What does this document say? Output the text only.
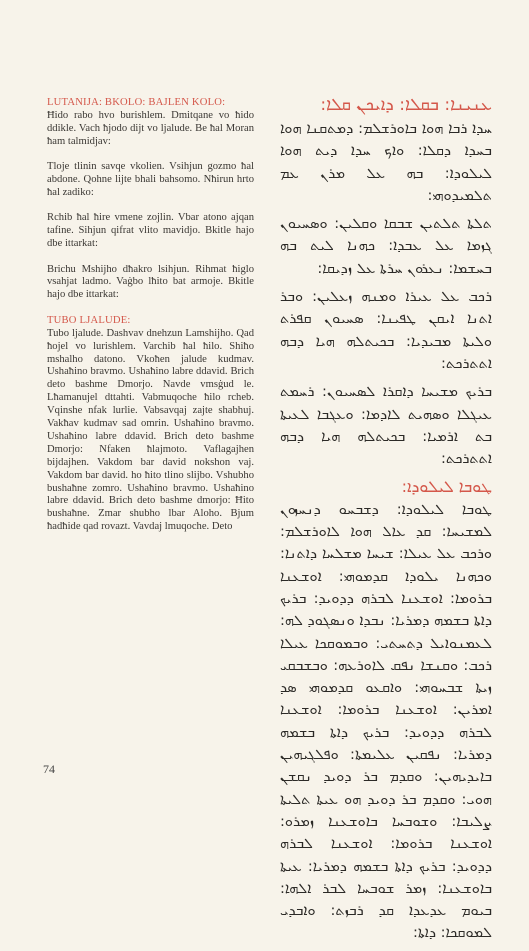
LUTANIJA: BKOLO: BAJLEN KOLO:

Ħido rabo hvo burishlem. Dmitqane vo ħido ddikle. Vach ħjodo dijt vo ljalude. Be ħal Moran ħam talmidjav:

Tloje tlinin savqe vkolien. Vsihjun gozmo ħal abdone. Qohne lijte bhali bahsomo. Nħirun hrto ħal zadiko:

Rchib ħal ħire vmene zojlin. Vbar atono ajqan tafine. Sihjun qifrat vlito mavidjo. Bkitle hajo dbe ittarkat:

Brichu Mshijho dħakro lsihjun. Rihmat ħiglo vsahjat ladmo. Vaġbo lħito bat armoje. Bkitle hajo dbe ittarkat:

TUBO LJALUDE:

Tubo ljalude. Dashvav dnehzun Lamshijho. Qad ħojel vo lurishlem. Varchib ħal ħilo. Shiħo mshalho datono. Vkoħen jalude kudmav. Ushaħino bravmo. Ushaħino labre ddavid. Brich deto bashme Dmorjo. Navde vmsġud le. Lħamanujel dttahti. Vabmuqoche ħilo rcheb. Vqinshe nfak lurlie. Vabsavqaj zajte shabhuj. Vakħav kudmav sad omrin. Ushaħino bravmo. Ushaħino labre ddavid. Brich deto bashme Dmorjo: Nfaken ħlajmoto. Vaflagajhen bijdajhen. Vakdom bar david nokshon vaj. Vakdom bar david. ho ħito tlino slijbo. Vshubho bushaħne zomro. Ushaħino bravmo. Ushaħino labre ddavid. Brich deto bashme dmorjo: Ħito bushaħne. Zmar shubho lbar Aloho. Bjum ħadħide qad rovazt. Vavdaj lmuqoche. Deto

ܥܢܝܢܐ: ܒܩܠܐ: ܕܐܝܟܢ ܩܠܐ:

ܚܕܐ ܪܒܐ ܗܘܐ ܒܐܘܪܫܠܡ: ܕܡܬܩܢܐ ܗܘܐ ܒܚܕܐ ܕܩܠܐ: ܘܐܟ ܚܕܐ ܕܝܬ ܗܘܐ ܠܝܠܘܕܐ: ܒܗ ܥܠ ܡܪܢ ܥܡ ܬܠܡܝܕܘܗܝ:

ܬܠܬܐ ܬܠܬܝܢ ܫܒܩܐ ܘܩܠܝܢ: ܘܣܚܝܘܢ ܓܙܡܐ ܥܠ ܥܒܕܐ: ܟܗܢܐ ܠܝܬ ܒܗ ܒܚܫܡܐ: ܢܥܪܘܢ ܚܪܬܐ ܥܠ ܙܕܝܩܐ:

ܪܟܒ ܥܠ ܥܝܪܐ ܘܡܢܗ ܙܥܠܝܢ: ܘܒܪ ܐܬܢܐ ܐܝܩܢ ܛܦܝܢܐ: ܣܚܝܘܢ ܩܦܪܬ ܘܠܝܬܐ ܡܒܝܕܝܐ: ܒܟܝܬܠܗ ܗܝܐ ܕܒܗ ܐܬܬܪܟܬ:

ܒܪܝܟ ܡܫܝܚܐ ܕܐܩܪܐ ܠܣܚܝܘܢ: ܪܚܡܬ ܥܝܓܠܐ ܘܣܗܝܬ ܠܐܕܡܐ: ܘܥܓܒܐ ܠܥܝܬܐ ܒܬ ܐܪܡܝܐ: ܒܟܝܬܠܗ ܗܝܐ ܕܒܗ ܐܬܬܪܟܬ:

ܛܘܒܐ ܠܝܠܘܕܐ:

ܛܘܒܐ ܠܝܠܘܕܐ: ܕܫܒܚܘ ܕܢܚܙܘܢ ܠܡܫܝܚܐ: ܩܕ ܥܐܠ ܗܘܐ ܠܐܘܪܫܠܡ: ܘܪܟܒ ܥܠ ܥܝܠܐ: ܫܝܚܐ ܡܫܠܚܐ ܕܐܬܢܐ: ܘܟܗܢܐ ܝܠܘܕܐ ܩܕܡܘܗܝ: ܐܘܫܥܢܐ ܒܪܘܡܐ: ܐܘܫܥܢܐ ܠܒܪܗ ܕܕܘܝܕ: ܒܪܝܟ ܕܐܬܐ ܒܫܡܗ ܕܡܪܝܐ: ܢܒܕܐ ܘܢܣܓܘܕ ܠܗ: ܠܥܡܢܘܐܝܠ ܕܬܚܬܝ: ܘܒܡܘܩܟܐ ܥܝܠܐ ܪܟܒ: ܘܩܢܫܐ ܢܦܩ ܠܐܘܪܥܗ: ܘܒܫܒܩܝ ܙܝܬܐ ܫܒܚܘܗܝ: ܘܐܩܥܘ ܩܕܡܘܗܝ ܣܕ ܐܡܪܝܢ: ܐܘܫܥܢܐ ܒܪܘܡܐ: ܐܘܫܥܢܐ ܠܒܪܗ ܕܕܘܝܕ: ܒܪܝܟ ܕܐܬܐ ܒܫܡܗ ܕܡܪܝܐ: ܢܦܩܝܢ ܥܠܝܡܬܐ: ܘܦܠܓܝܗܝܢ ܒܐܝܕܝܗܝܢ: ܘܩܕܡ ܒܪ ܕܘܝܕ ܢܩܫܢ ܗܘܝ: ܘܩܕܡ ܒܪ ܕܘܝܕ ܗܘ ܥܝܬܐ ܬܠܝܬܐ ܨܠܝܒܐ: ܘܫܘܒܚܐ ܒܐܘܫܥܢܐ ܙܡܪܘ: ܐܘܫܥܢܐ ܒܪܘܡܐ: ܐܘܫܥܢܐ ܠܒܪܗ ܕܕܘܝܕ: ܒܪܝܟ ܕܐܬܐ ܒܫܡܗ ܕܡܪܝܐ: ܥܝܬܐ ܒܐܘܫܥܢܐ: ܙܡܪ ܫܘܒܚܐ ܠܒܪ ܐܠܗܐ: ܒܝܘܡ ܥܕܥܕܐ ܩܕ ܪܒܙܬ: ܘܐܒܕܝ ܠܡܘܩܟܐ: ܕܐܬܐ:

74
